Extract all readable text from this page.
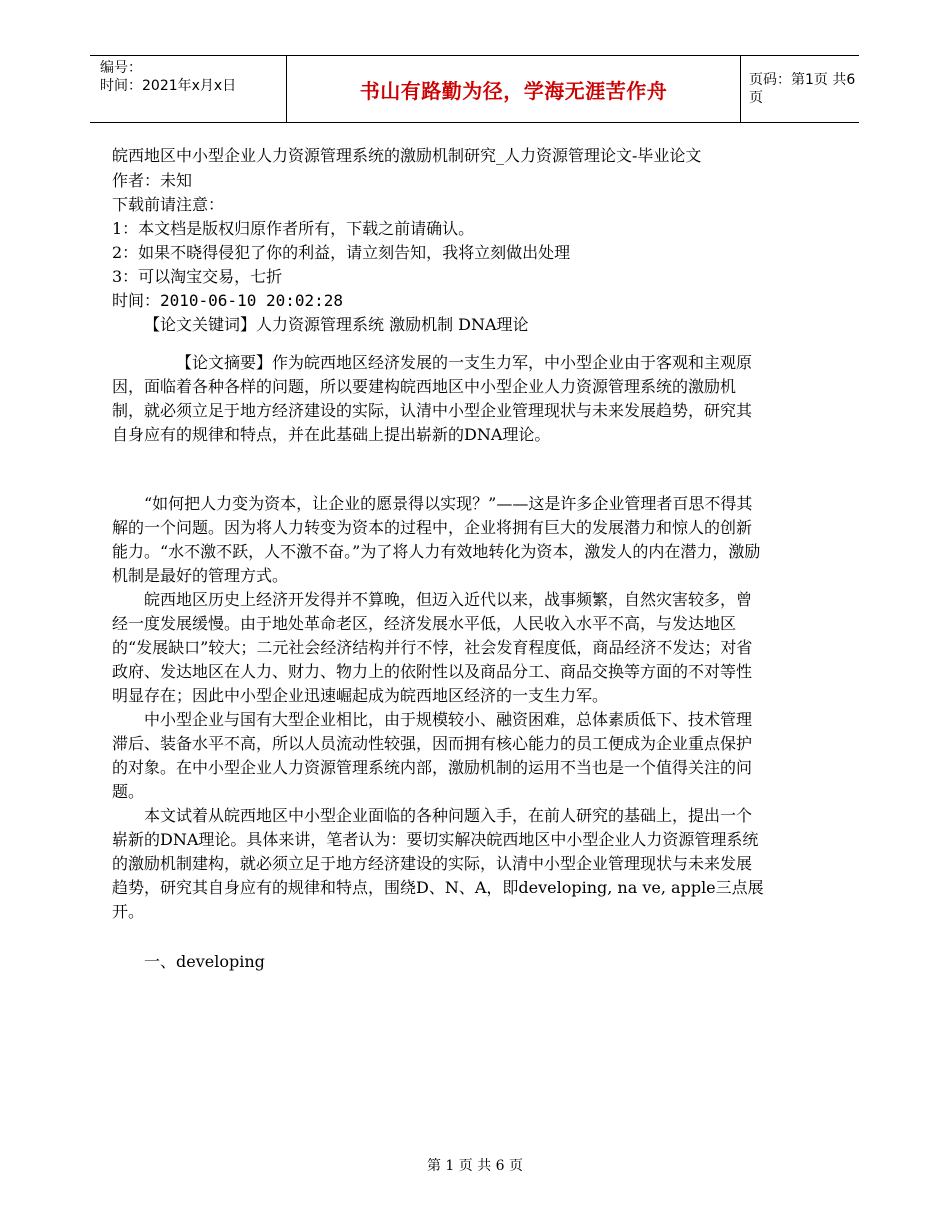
编号：
时间：2021年x月x日	书山有路勤为径，学海无涯苦作舟	页码：第1页 共6页

皖西地区中小型企业人力资源管理系统的激励机制研究_人力资源管理论文-毕业论文

作者：未知

下载前请注意：

1：本文档是版权归原作者所有，下载之前请确认。

2：如果不晓得侵犯了你的利益，请立刻告知，我将立刻做出处理

3：可以淘宝交易，七折

时间：2010-06-10 20:02:28

【论文关键词】人力资源管理系统 激励机制 DNA理论

【论文摘要】作为皖西地区经济发展的一支生力军，中小型企业由于客观和主观原因，面临着各种各样的问题，所以要建构皖西地区中小型企业人力资源管理系统的激励机制，就必须立足于地方经济建设的实际，认清中小型企业管理现状与未来发展趋势，研究其自身应有的规律和特点，并在此基础上提出崭新的DNA理论。

“如何把人力变为资本，让企业的愿景得以实现？”——这是许多企业管理者百思不得其解的一个问题。因为将人力转变为资本的过程中，企业将拥有巨大的发展潜力和惊人的创新能力。“水不激不跃，人不激不奋。”为了将人力有效地转化为资本，激发人的内在潜力，激励机制是最好的管理方式。

皖西地区历史上经济开发得并不算晚，但迈入近代以来，战事频繁，自然灾害较多，曾经一度发展缓慢。由于地处革命老区，经济发展水平低，人民收入水平不高，与发达地区的“发展缺口”较大；二元社会经济结构并行不悖，社会发育程度低，商品经济不发达；对省政府、发达地区在人力、财力、物力上的依附性以及商品分工、商品交换等方面的不对等性明显存在；因此中小型企业迅速崛起成为皖西地区经济的一支生力军。

中小型企业与国有大型企业相比，由于规模较小、融资困难，总体素质低下、技术管理滞后、装备水平不高，所以人员流动性较强，因而拥有核心能力的员工便成为企业重点保护的对象。在中小型企业人力资源管理系统内部，激励机制的运用不当也是一个值得关注的问题。

本文试着从皖西地区中小型企业面临的各种问题入手，在前人研究的基础上，提出一个崭新的DNA理论。具体来讲，笔者认为：要切实解决皖西地区中小型企业人力资源管理系统的激励机制建构，就必须立足于地方经济建设的实际，认清中小型企业管理现状与未来发展趋势，研究其自身应有的规律和特点，围绕D、N、A，即developing, na ve, apple三点展开。

一、developing

第 1 页 共 6 页
